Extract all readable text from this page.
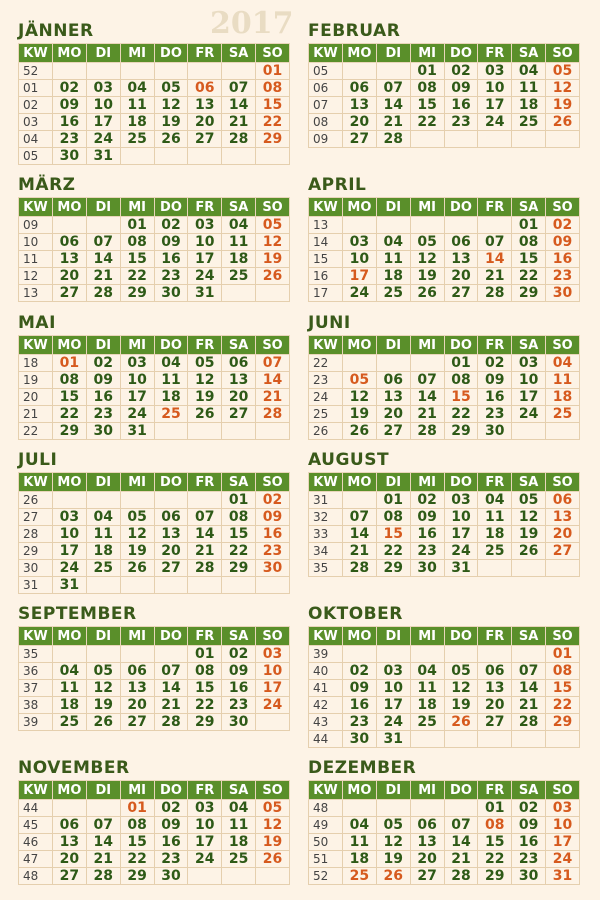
2017
JÄNNER
KW	MO	DI	MI	DO	FR	SA	SO
52							01
01	02	03	04	05	06	07	08
02	09	10	11	12	13	14	15
03	16	17	18	19	20	21	22
04	23	24	25	26	27	28	29
05	30	31					
FEBRUAR
KW	MO	DI	MI	DO	FR	SA	SO
05			01	02	03	04	05
06	06	07	08	09	10	11	12
07	13	14	15	16	17	18	19
08	20	21	22	23	24	25	26
09	27	28					
MÄRZ
KW	MO	DI	MI	DO	FR	SA	SO
09			01	02	03	04	05
10	06	07	08	09	10	11	12
11	13	14	15	16	17	18	19
12	20	21	22	23	24	25	26
13	27	28	29	30	31		
APRIL
KW	MO	DI	MI	DO	FR	SA	SO
13						01	02
14	03	04	05	06	07	08	09
15	10	11	12	13	14	15	16
16	17	18	19	20	21	22	23
17	24	25	26	27	28	29	30
MAI
KW	MO	DI	MI	DO	FR	SA	SO
18	01	02	03	04	05	06	07
19	08	09	10	11	12	13	14
20	15	16	17	18	19	20	21
21	22	23	24	25	26	27	28
22	29	30	31				
JUNI
KW	MO	DI	MI	DO	FR	SA	SO
22				01	02	03	04
23	05	06	07	08	09	10	11
24	12	13	14	15	16	17	18
25	19	20	21	22	23	24	25
26	26	27	28	29	30		
JULI
KW	MO	DI	MI	DO	FR	SA	SO
26						01	02
27	03	04	05	06	07	08	09
28	10	11	12	13	14	15	16
29	17	18	19	20	21	22	23
30	24	25	26	27	28	29	30
31	31						
AUGUST
KW	MO	DI	MI	DO	FR	SA	SO
31		01	02	03	04	05	06
32	07	08	09	10	11	12	13
33	14	15	16	17	18	19	20
34	21	22	23	24	25	26	27
35	28	29	30	31			
SEPTEMBER
KW	MO	DI	MI	DO	FR	SA	SO
35					01	02	03
36	04	05	06	07	08	09	10
37	11	12	13	14	15	16	17
38	18	19	20	21	22	23	24
39	25	26	27	28	29	30	
OKTOBER
KW	MO	DI	MI	DO	FR	SA	SO
39							01
40	02	03	04	05	06	07	08
41	09	10	11	12	13	14	15
42	16	17	18	19	20	21	22
43	23	24	25	26	27	28	29
44	30	31					
NOVEMBER
KW	MO	DI	MI	DO	FR	SA	SO
44			01	02	03	04	05
45	06	07	08	09	10	11	12
46	13	14	15	16	17	18	19
47	20	21	22	23	24	25	26
48	27	28	29	30			
DEZEMBER
KW	MO	DI	MI	DO	FR	SA	SO
48					01	02	03
49	04	05	06	07	08	09	10
50	11	12	13	14	15	16	17
51	18	19	20	21	22	23	24
52	25	26	27	28	29	30	31
